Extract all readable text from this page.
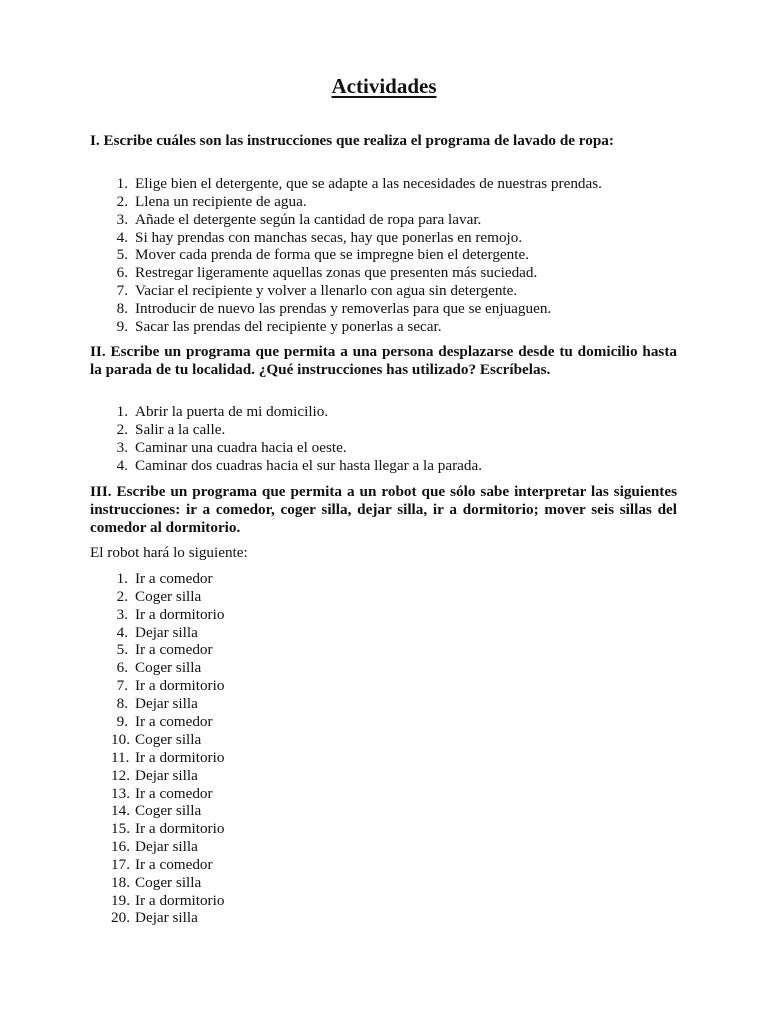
Actividades

I. Escribe cuáles son las instrucciones que realiza el programa de lavado de ropa:

1. Elige bien el detergente, que se adapte a las necesidades de nuestras prendas.
2. Llena un recipiente de agua.
3. Añade el detergente según la cantidad de ropa para lavar.
4. Si hay prendas con manchas secas, hay que ponerlas en remojo.
5. Mover cada prenda de forma que se impregne bien el detergente.
6. Restregar ligeramente aquellas zonas que presenten más suciedad.
7. Vaciar el recipiente y volver a llenarlo con agua sin detergente.
8. Introducir de nuevo las prendas y removerlas para que se enjuaguen.
9. Sacar las prendas del recipiente y ponerlas a secar.

II. Escribe un programa que permita a una persona desplazarse desde tu domicilio hasta la parada de tu localidad. ¿Qué instrucciones has utilizado? Escríbelas.

1. Abrir la puerta de mi domicilio.
2. Salir a la calle.
3. Caminar una cuadra hacia el oeste.
4. Caminar dos cuadras hacia el sur hasta llegar a la parada.

III. Escribe un programa que permita a un robot que sólo sabe interpretar las siguientes instrucciones: ir a comedor, coger silla, dejar silla, ir a dormitorio; mover seis sillas del comedor al dormitorio.

El robot hará lo siguiente:

1. Ir a comedor
2. Coger silla
3. Ir a dormitorio
4. Dejar silla
5. Ir a comedor
6. Coger silla
7. Ir a dormitorio
8. Dejar silla
9. Ir a comedor
10. Coger silla
11. Ir a dormitorio
12. Dejar silla
13. Ir a comedor
14. Coger silla
15. Ir a dormitorio
16. Dejar silla
17. Ir a comedor
18. Coger silla
19. Ir a dormitorio
20. Dejar silla
